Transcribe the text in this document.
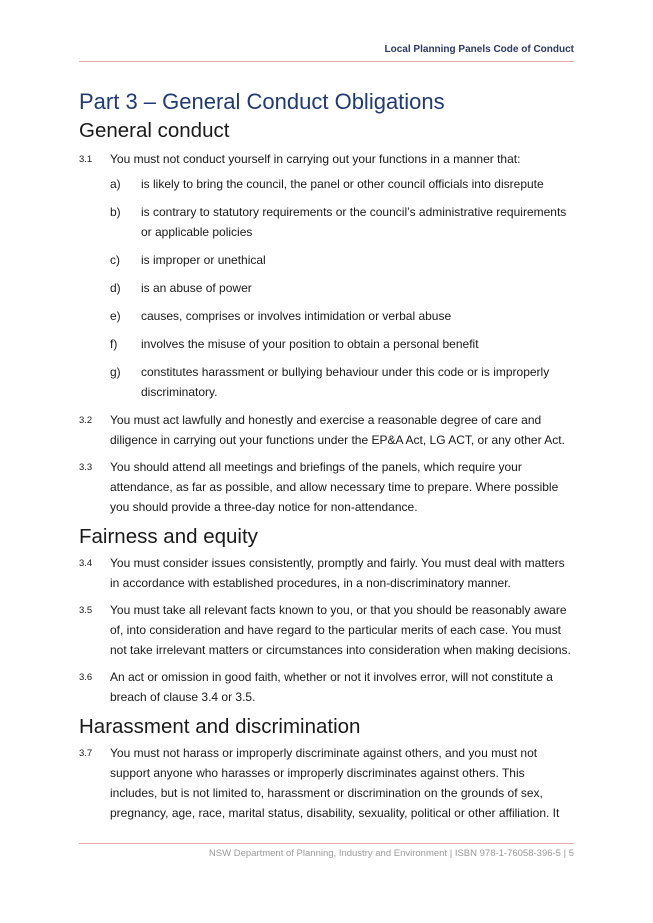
Local Planning Panels Code of Conduct
Part 3 – General Conduct Obligations
General conduct
3.1	You must not conduct yourself in carrying out your functions in a manner that:
a)	is likely to bring the council, the panel or other council officials into disrepute
b)	is contrary to statutory requirements or the council’s administrative requirements or applicable policies
c)	is improper or unethical
d)	is an abuse of power
e)	causes, comprises or involves intimidation or verbal abuse
f)	involves the misuse of your position to obtain a personal benefit
g)	constitutes harassment or bullying behaviour under this code or is improperly discriminatory.
3.2	You must act lawfully and honestly and exercise a reasonable degree of care and diligence in carrying out your functions under the EP&A Act, LG ACT, or any other Act.
3.3	You should attend all meetings and briefings of the panels, which require your attendance, as far as possible, and allow necessary time to prepare. Where possible you should provide a three-day notice for non-attendance.
Fairness and equity
3.4	You must consider issues consistently, promptly and fairly. You must deal with matters in accordance with established procedures, in a non-discriminatory manner.
3.5	You must take all relevant facts known to you, or that you should be reasonably aware of, into consideration and have regard to the particular merits of each case. You must not take irrelevant matters or circumstances into consideration when making decisions.
3.6	An act or omission in good faith, whether or not it involves error, will not constitute a breach of clause 3.4 or 3.5.
Harassment and discrimination
3.7	You must not harass or improperly discriminate against others, and you must not support anyone who harasses or improperly discriminates against others. This includes, but is not limited to, harassment or discrimination on the grounds of sex, pregnancy, age, race, marital status, disability, sexuality, political or other affiliation. It
NSW Department of Planning, Industry and Environment | ISBN 978-1-76058-396-5 | 5
